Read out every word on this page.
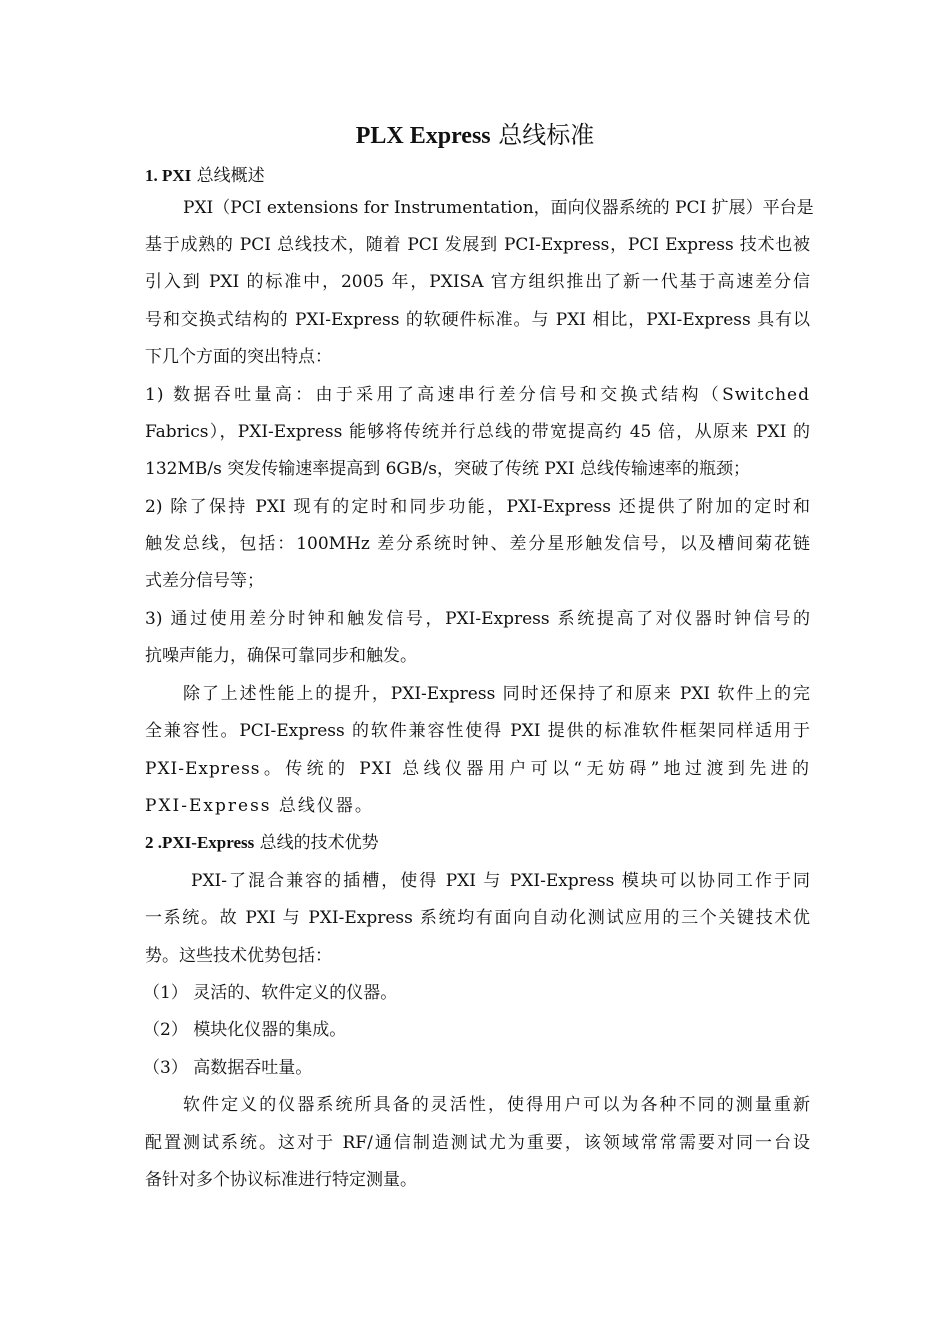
PLX Express 总线标准
1. PXI 总线概述
PXI（PCI extensions for Instrumentation，面向仪器系统的 PCI 扩展）平台是
基于成熟的 PCI 总线技术，随着 PCI 发展到 PCI-Express，PCI Express 技术也被
引入到 PXI 的标准中，2005 年，PXISA 官方组织推出了新一代基于高速差分信
号和交换式结构的 PXI-Express 的软硬件标准。与 PXI 相比，PXI-Express 具有以
下几个方面的突出特点：
1) 数据吞吐量高：由于采用了高速串行差分信号和交换式结构（Switched
Fabrics），PXI-Express 能够将传统并行总线的带宽提高约 45 倍，从原来 PXI 的
132MB/s 突发传输速率提高到 6GB/s，突破了传统 PXI 总线传输速率的瓶颈；
2) 除了保持 PXI 现有的定时和同步功能，PXI-Express 还提供了附加的定时和
触发总线，包括：100MHz 差分系统时钟、差分星形触发信号，以及槽间菊花链
式差分信号等；
3) 通过使用差分时钟和触发信号，PXI-Express 系统提高了对仪器时钟信号的
抗噪声能力，确保可靠同步和触发。
除了上述性能上的提升，PXI-Express 同时还保持了和原来 PXI 软件上的完
全兼容性。PCI-Express 的软件兼容性使得 PXI 提供的标准软件框架同样适用于
PXI-Express。传统的 PXI 总线仪器用户可以“无妨碍”地过渡到先进的
PXI-Express 总线仪器。
2 .PXI-Express 总线的技术优势
PXI-了混合兼容的插槽，使得 PXI 与 PXI-Express 模块可以协同工作于同
一系统。故 PXI 与 PXI-Express 系统均有面向自动化测试应用的三个关键技术优
势。这些技术优势包括：
（1） 灵活的、软件定义的仪器。
（2） 模块化仪器的集成。
（3） 高数据吞吐量。
软件定义的仪器系统所具备的灵活性，使得用户可以为各种不同的测量重新
配置测试系统。这对于 RF/通信制造测试尤为重要，该领域常常需要对同一台设
备针对多个协议标准进行特定测量。
